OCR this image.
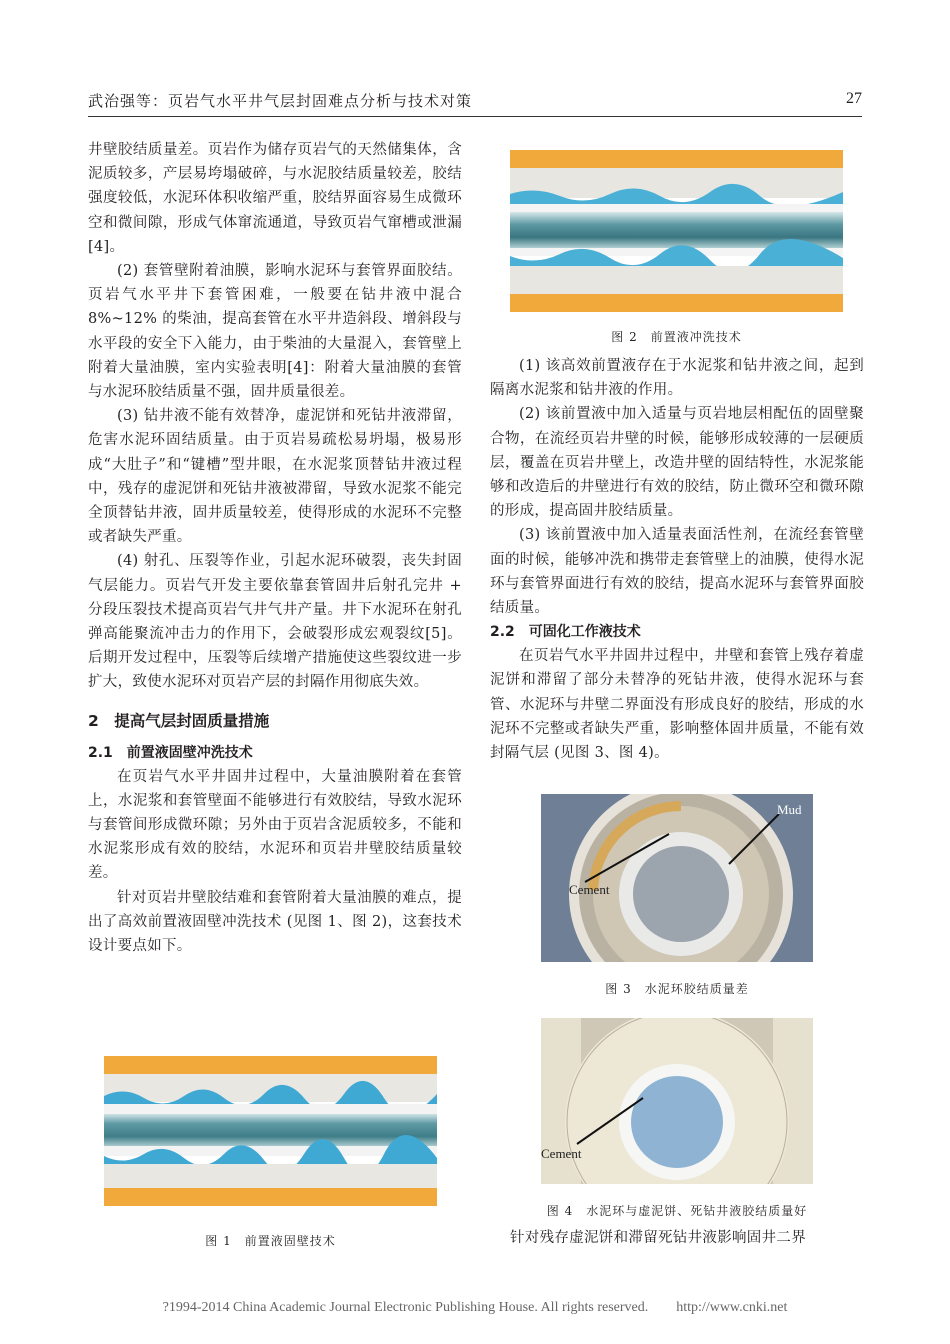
武治强等：页岩气水平井气层封固难点分析与技术对策	27

井壁胶结质量差。页岩作为储存页岩气的天然储集体，含泥质较多，产层易垮塌破碎，与水泥胶结质量较差，胶结强度较低，水泥环体积收缩严重，胶结界面容易生成微环空和微间隙，形成气体窜流通道，导致页岩气窜槽或泄漏[4]。

(2) 套管壁附着油膜，影响水泥环与套管界面胶结。页岩气水平井下套管困难，一般要在钻井液中混合 8%~12% 的柴油，提高套管在水平井造斜段、增斜段与水平段的安全下入能力，由于柴油的大量混入，套管壁上附着大量油膜，室内实验表明[4]：附着大量油膜的套管与水泥环胶结质量不强，固井质量很差。

(3) 钻井液不能有效替净，虚泥饼和死钻井液滞留，危害水泥环固结质量。由于页岩易疏松易坍塌，极易形成“大肚子”和“键槽”型井眼，在水泥浆顶替钻井液过程中，残存的虚泥饼和死钻井液被滞留，导致水泥浆不能完全顶替钻井液，固井质量较差，使得形成的水泥环不完整或者缺失严重。

(4) 射孔、压裂等作业，引起水泥环破裂，丧失封固气层能力。页岩气开发主要依靠套管固井后射孔完井 + 分段压裂技术提高页岩气井气井产量。井下水泥环在射孔弹高能聚流冲击力的作用下，会破裂形成宏观裂纹[5]。后期开发过程中，压裂等后续增产措施使这些裂纹进一步扩大，致使水泥环对页岩产层的封隔作用彻底失效。

2　提高气层封固质量措施
2.1　前置液固壁冲洗技术

在页岩气水平井固井过程中，大量油膜附着在套管上，水泥浆和套管壁面不能够进行有效胶结，导致水泥环与套管间形成微环隙；另外由于页岩含泥质较多，不能和水泥浆形成有效的胶结，水泥环和页岩井壁胶结质量较差。

针对页岩井壁胶结难和套管附着大量油膜的难点，提出了高效前置液固壁冲洗技术 (见图 1、图 2)，这套技术设计要点如下。

图 1　前置液固壁技术
图 2　前置液冲洗技术

(1) 该高效前置液存在于水泥浆和钻井液之间，起到隔离水泥浆和钻井液的作用。

(2) 该前置液中加入适量与页岩地层相配伍的固壁聚合物，在流经页岩井壁的时候，能够形成较薄的一层硬质层，覆盖在页岩井壁上，改造井壁的固结特性，水泥浆能够和改造后的井壁进行有效的胶结，防止微环空和微环隙的形成，提高固井胶结质量。

(3) 该前置液中加入适量表面活性剂，在流经套管壁面的时候，能够冲洗和携带走套管壁上的油膜，使得水泥环与套管界面进行有效的胶结，提高水泥环与套管界面胶结质量。

2.2　可固化工作液技术

在页岩气水平井固井过程中，井壁和套管上残存着虚泥饼和滞留了部分未替净的死钻井液，使得水泥环与套管、水泥环与井壁二界面没有形成良好的胶结，形成的水泥环不完整或者缺失严重，影响整体固井质量，不能有效封隔气层 (见图 3、图 4)。

Mud
Cement
图 3　水泥环胶结质量差
Cement
图 4　水泥环与虚泥饼、死钻井液胶结质量好

针对残存虚泥饼和滞留死钻井液影响固井二界

?1994-2014 China Academic Journal Electronic Publishing House. All rights reserved.　　http://www.cnki.net
